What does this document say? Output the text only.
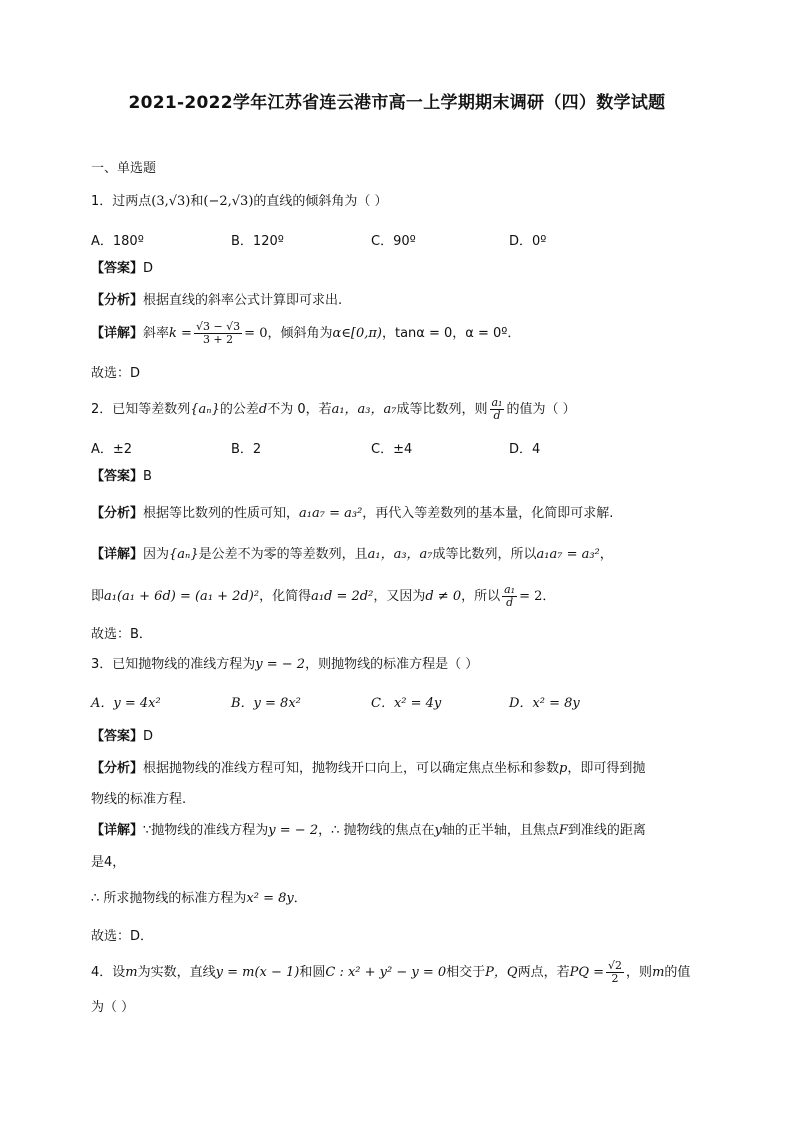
2021-2022学年江苏省连云港市高一上学期期末调研（四）数学试题
一、单选题
1．过两点(3,√3)和(−2,√3)的直线的倾斜角为（ ）
A．180º	B．120º	C．90º	D．0º
【答案】D
【分析】根据直线的斜率公式计算即可求出.
【详解】斜率$k = \frac{√3 - √3}{3 + 2} = 0$，倾斜角为α∈[0,π)，tanα = 0，α = 0º．
故选：D
2．已知等差数列{aₙ}的公差d不为 0，若a₁，a₃，a₇成等比数列，则 $\frac{\text{a₁}}{d}$ 的值为（ ）
A．±2	B．2	C．±4	D．4
【答案】B
【分析】根据等比数列的性质可知，a₁a₇ = a₃²，再代入等差数列的基本量，化简即可求解.
【详解】因为{aₙ}是公差不为零的等差数列，且a₁，a₃，a₇成等比数列，所以a₁a₇ = a₃²，
即a₁(a₁ + 6d) = (a₁ + 2d)²，化简得a₁d = 2d²，又因为d ≠ 0，所以 $\frac{\text{a₁}}{d} = 2$．
故选：B．
3．已知抛物线的准线方程为y = − 2，则抛物线的标准方程是（ ）
A．y = 4x²	B．y = 8x²	C．x² = 4y	D．x² = 8y
【答案】D
【分析】根据抛物线的准线方程可知，抛物线开口向上，可以确定焦点坐标和参数p，即可得到抛
物线的标准方程.
【详解】∵抛物线的准线方程为y = − 2，∴ 抛物线的焦点在y轴的正半轴，且焦点F到准线的距离
是4，
∴ 所求抛物线的标准方程为x² = 8y．
故选：D．
4．设m为实数，直线y = m(x − 1)和圆C : x² + y² − y = 0相交于P，Q两点，若PQ = $\frac{√2}{2}$ ，则m的值
为（ ）
